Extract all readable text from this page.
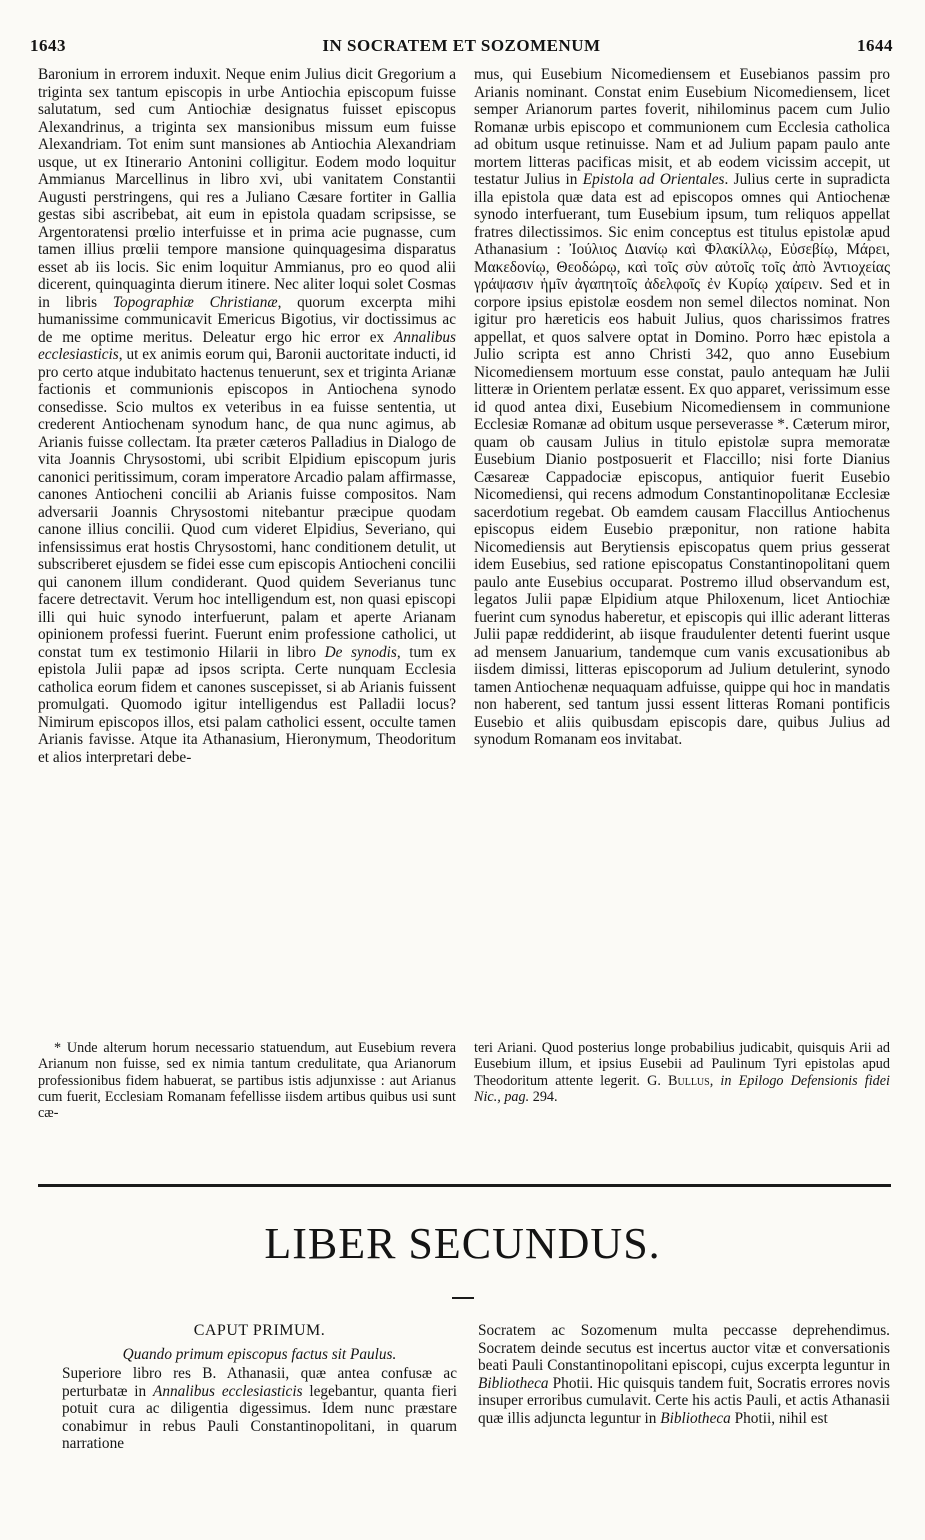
1643	IN SOCRATEM ET SOZOMENUM	1644

Baronium in errorem induxit. Neque enim Julius dicit Gregorium a triginta sex tantum episcopis in urbe Antiochia episcopum fuisse salutatum, sed cum Antiochiæ designatus fuisset episcopus Alexandrinus, a triginta sex mansionibus missum eum fuisse Alexandriam. Tot enim sunt mansiones ab Antiochia Alexandriam usque, ut ex Itinerario Antonini colligitur. Eodem modo loquitur Ammianus Marcellinus in libro xvi, ubi vanitatem Constantii Augusti perstringens, qui res a Juliano Cæsare fortiter in Gallia gestas sibi ascribebat, ait eum in epistola quadam scripsisse, se Argentoratensi prœlio interfuisse et in prima acie pugnasse, cum tamen illius prœlii tempore mansione quinquagesima disparatus esset ab iis locis. Sic enim loquitur Ammianus, pro eo quod alii dicerent, quinquaginta dierum itinere. Nec aliter loqui solet Cosmas in libris Topographiæ Christianæ, quorum excerpta mihi humanissime communicavit Emericus Bigotius, vir doctissimus ac de me optime meritus. Deleatur ergo hic error ex Annalibus ecclesiasticis, ut ex animis eorum qui, Baronii auctoritate inducti, id pro certo atque indubitato hactenus tenuerunt, sex et triginta Arianæ factionis et communionis episcopos in Antiochena synodo consedisse. Scio multos ex veteribus in ea fuisse sententia, ut crederent Antiochenam synodum hanc, de qua nunc agimus, ab Arianis fuisse collectam. Ita præter cæteros Palladius in Dialogo de vita Joannis Chrysostomi, ubi scribit Elpidium episcopum juris canonici peritissimum, coram imperatore Arcadio palam affirmasse, canones Antiocheni concilii ab Arianis fuisse compositos. Nam adversarii Joannis Chrysostomi nitebantur præcipue quodam canone illius concilii. Quod cum videret Elpidius, Severiano, qui infensissimus erat hostis Chrysostomi, hanc conditionem detulit, ut subscriberet ejusdem se fidei esse cum episcopis Antiocheni concilii qui canonem illum condiderant. Quod quidem Severianus tunc facere detrectavit. Verum hoc intelligendum est, non quasi episcopi illi qui huic synodo interfuerunt, palam et aperte Arianam opinionem professi fuerint. Fuerunt enim professione catholici, ut constat tum ex testimonio Hilarii in libro De synodis, tum ex epistola Julii papæ ad ipsos scripta. Certe nunquam Ecclesia catholica eorum fidem et canones suscepisset, si ab Arianis fuissent promulgati. Quomodo igitur intelligendus est Palladii locus? Nimirum episcopos illos, etsi palam catholici essent, occulte tamen Arianis favisse. Atque ita Athanasium, Hieronymum, Theodoritum et alios interpretari debe-

mus, qui Eusebium Nicomediensem et Eusebianos passim pro Arianis nominant. Constat enim Eusebium Nicomediensem, licet semper Arianorum partes foverit, nihilominus pacem cum Julio Romanæ urbis episcopo et communionem cum Ecclesia catholica ad obitum usque retinuisse. Nam et ad Julium papam paulo ante mortem litteras pacificas misit, et ab eodem vicissim accepit, ut testatur Julius in Epistola ad Orientales. Julius certe in supradicta illa epistola quæ data est ad episcopos omnes qui Antiochenæ synodo interfuerant, tum Eusebium ipsum, tum reliquos appellat fratres dilectissimos. Sic enim conceptus est titulus epistolæ apud Athanasium : Ἰούλιος Διανίῳ καὶ Φλακίλλῳ, Εὐσεβίῳ, Μάρει, Μακεδονίῳ, Θεοδώρῳ, καὶ τοῖς σὺν αὐτοῖς τοῖς ἀπὸ Ἀντιοχείας γράψασιν ἡμῖν ἀγαπητοῖς ἀδελφοῖς ἐν Κυρίῳ χαίρειν. Sed et in corpore ipsius epistolæ eosdem non semel dilectos nominat. Non igitur pro hæreticis eos habuit Julius, quos charissimos fratres appellat, et quos salvere optat in Domino. Porro hæc epistola a Julio scripta est anno Christi 342, quo anno Eusebium Nicomediensem mortuum esse constat, paulo antequam hæ Julii litteræ in Orientem perlatæ essent. Ex quo apparet, verissimum esse id quod antea dixi, Eusebium Nicomediensem in communione Ecclesiæ Romanæ ad obitum usque perseverasse *. Cæterum miror, quam ob causam Julius in titulo epistolæ supra memoratæ Eusebium Dianio postposuerit et Flaccillo; nisi forte Dianius Cæsareæ Cappadociæ episcopus, antiquior fuerit Eusebio Nicomediensi, qui recens admodum Constantinopolitanæ Ecclesiæ sacerdotium regebat. Ob eamdem causam Flaccillus Antiochenus episcopus eidem Eusebio præponitur, non ratione habita Nicomediensis aut Berytiensis episcopatus quem prius gesserat idem Eusebius, sed ratione episcopatus Constantinopolitani quem paulo ante Eusebius occuparat. Postremo illud observandum est, legatos Julii papæ Elpidium atque Philoxenum, licet Antiochiæ fuerint cum synodus haberetur, et episcopis qui illic aderant litteras Julii papæ reddiderint, ab iisque fraudulenter detenti fuerint usque ad mensem Januarium, tandemque cum vanis excusationibus ab iisdem dimissi, litteras episcoporum ad Julium detulerint, synodo tamen Antiochenæ nequaquam adfuisse, quippe qui hoc in mandatis non haberent, sed tantum jussi essent litteras Romani pontificis Eusebio et aliis quibusdam episcopis dare, quibus Julius ad synodum Romanam eos invitabat.

* Unde alterum horum necessario statuendum, aut Eusebium revera Arianum non fuisse, sed ex nimia tantum credulitate, qua Arianorum professionibus fidem habuerat, se partibus istis adjunxisse : aut Arianus cum fuerit, Ecclesiam Romanam fefellisse iisdem artibus quibus usi sunt cæ-

teri Ariani. Quod posterius longe probabilius judicabit, quisquis Arii ad Eusebium illum, et ipsius Eusebii ad Paulinum Tyri epistolas apud Theodoritum attente legerit. G. Bullus, in Epilogo Defensionis fidei Nic., pag. 294.

LIBER SECUNDUS.

CAPUT PRIMUM.

Quando primum episcopus factus sit Paulus.

Superiore libro res B. Athanasii, quæ antea confusæ ac perturbatæ in Annalibus ecclesiasticis legebantur, quanta fieri potuit cura ac diligentia digessimus. Idem nunc præstare conabimur in rebus Pauli Constantinopolitani, in quarum narratione

Socratem ac Sozomenum multa peccasse deprehendimus. Socratem deinde secutus est incertus auctor vitæ et conversationis beati Pauli Constantinopolitani episcopi, cujus excerpta leguntur in Bibliotheca Photii. Hic quisquis tandem fuit, Socratis errores novis insuper erroribus cumulavit. Certe his actis Pauli, et actis Athanasii quæ illis adjuncta leguntur in Bibliotheca Photii, nihil est
